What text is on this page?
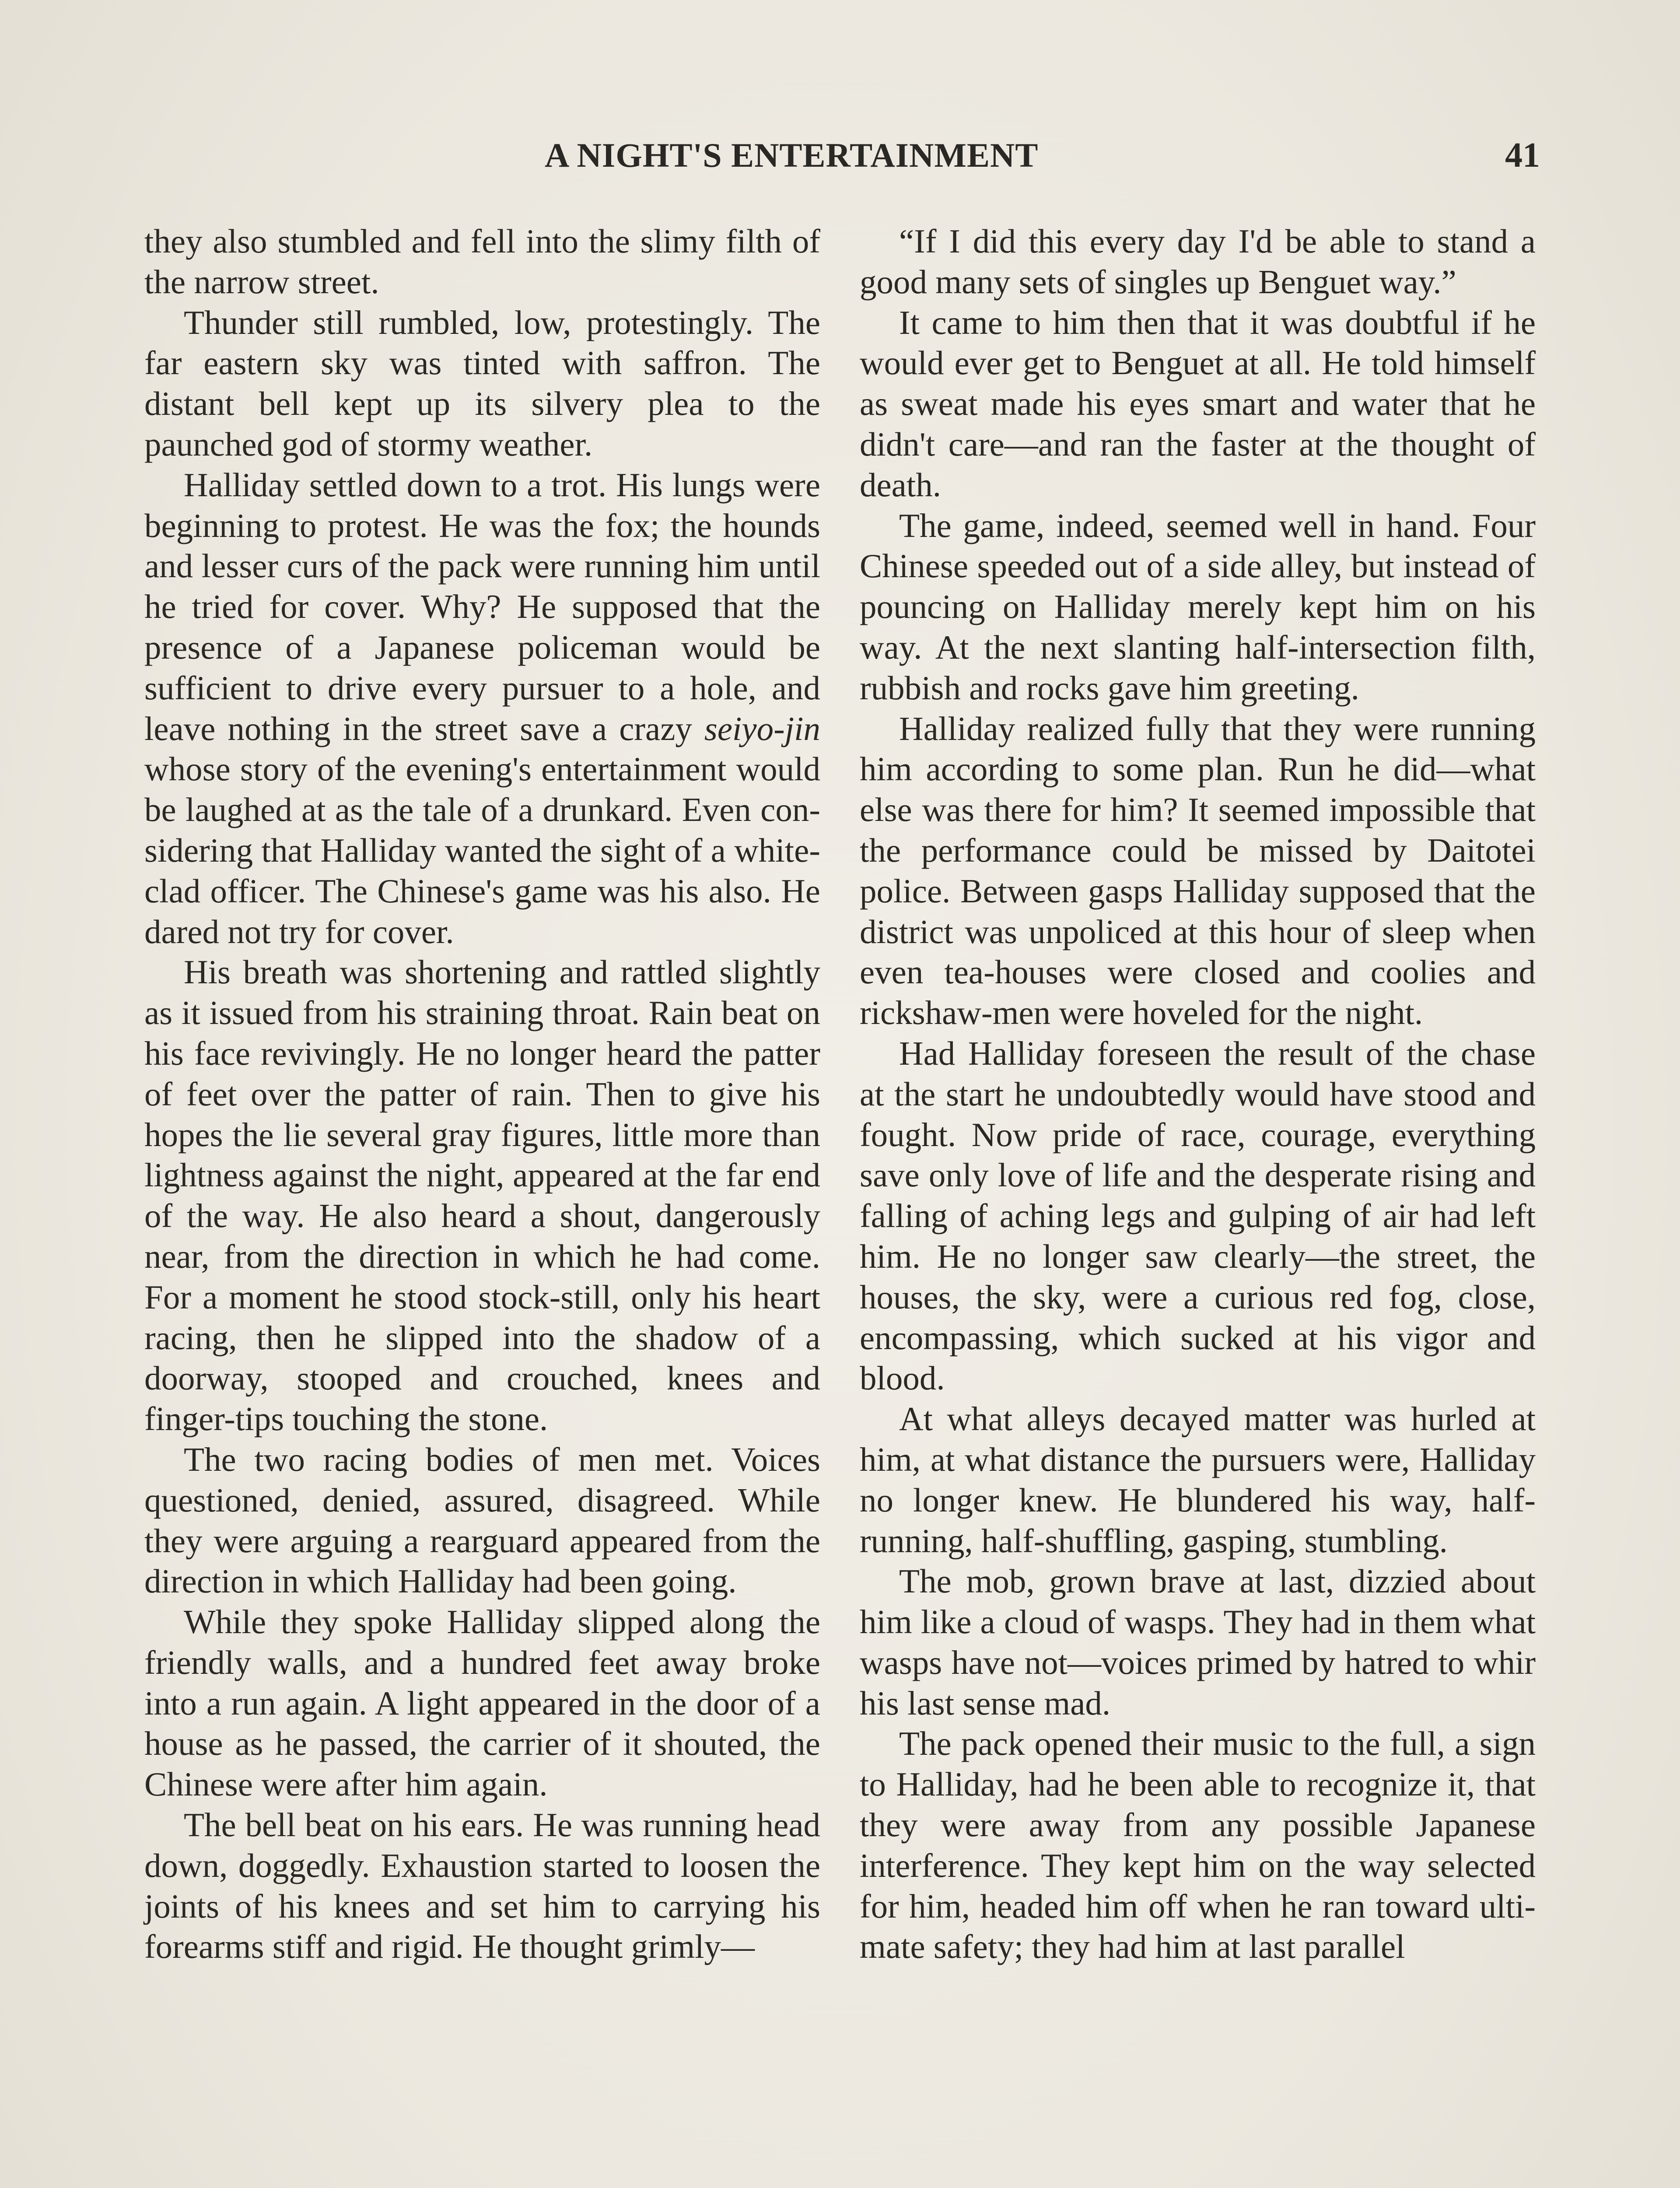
A NIGHT'S ENTERTAINMENT	41

they also stumbled and fell into the slimy filth of the narrow street.

Thunder still rumbled, low, protestingly. The far eastern sky was tinted with saffron. The distant bell kept up its silvery plea to the paunched god of stormy weather.

Halliday settled down to a trot. His lungs were beginning to protest. He was the fox; the hounds and lesser curs of the pack were running him until he tried for cover. Why? He supposed that the presence of a Japanese policeman would be sufficient to drive every pursuer to a hole, and leave nothing in the street save a crazy seiyo-jin whose story of the evening's entertainment would be laughed at as the tale of a drunkard. Even considering that Halliday wanted the sight of a white-clad officer. The Chinese's game was his also. He dared not try for cover.

His breath was shortening and rattled slightly as it issued from his straining throat. Rain beat on his face revivingly. He no longer heard the patter of feet over the patter of rain. Then to give his hopes the lie several gray figures, little more than lightness against the night, appeared at the far end of the way. He also heard a shout, dangerously near, from the direction in which he had come. For a moment he stood stock-still, only his heart racing, then he slipped into the shadow of a doorway, stooped and crouched, knees and finger-tips touching the stone.

The two racing bodies of men met. Voices questioned, denied, assured, disagreed. While they were arguing a rearguard appeared from the direction in which Halliday had been going.

While they spoke Halliday slipped along the friendly walls, and a hundred feet away broke into a run again. A light appeared in the door of a house as he passed, the carrier of it shouted, the Chinese were after him again.

The bell beat on his ears. He was running head down, doggedly. Exhaustion started to loosen the joints of his knees and set him to carrying his forearms stiff and rigid. He thought grimly—

“If I did this every day I'd be able to stand a good many sets of singles up Benguet way.”

It came to him then that it was doubtful if he would ever get to Benguet at all. He told himself as sweat made his eyes smart and water that he didn't care—and ran the faster at the thought of death.

The game, indeed, seemed well in hand. Four Chinese speeded out of a side alley, but instead of pouncing on Halliday merely kept him on his way. At the next slanting half-intersection filth, rubbish and rocks gave him greeting.

Halliday realized fully that they were running him according to some plan. Run he did—what else was there for him? It seemed impossible that the performance could be missed by Daitotei police. Between gasps Halliday supposed that the district was unpoliced at this hour of sleep when even tea-houses were closed and coolies and rickshaw-men were hoveled for the night.

Had Halliday foreseen the result of the chase at the start he undoubtedly would have stood and fought. Now pride of race, courage, everything save only love of life and the desperate rising and falling of aching legs and gulping of air had left him. He no longer saw clearly—the street, the houses, the sky, were a curious red fog, close, encompassing, which sucked at his vigor and blood.

At what alleys decayed matter was hurled at him, at what distance the pursuers were, Halliday no longer knew. He blundered his way, half-running, half-shuffling, gasping, stumbling.

The mob, grown brave at last, dizzied about him like a cloud of wasps. They had in them what wasps have not—voices primed by hatred to whir his last sense mad.

The pack opened their music to the full, a sign to Halliday, had he been able to recognize it, that they were away from any possible Japanese interference. They kept him on the way selected for him, headed him off when he ran toward ultimate safety; they had him at last parallel
